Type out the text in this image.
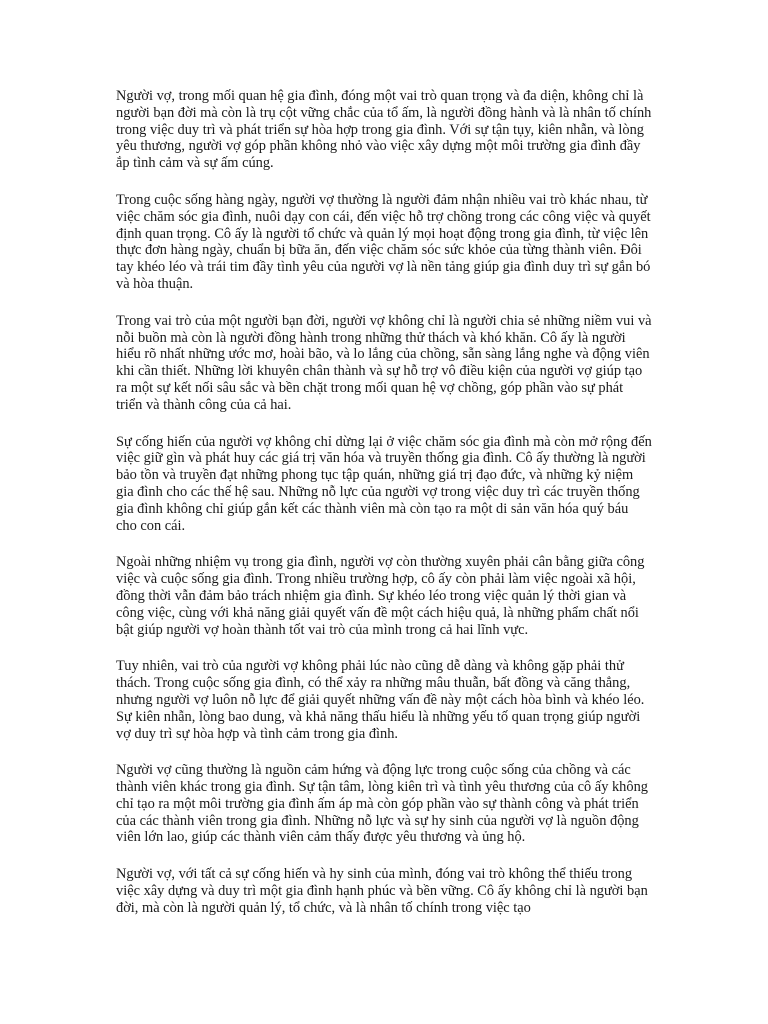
Người vợ, trong mối quan hệ gia đình, đóng một vai trò quan trọng và đa diện, không chỉ là người bạn đời mà còn là trụ cột vững chắc của tổ ấm, là người đồng hành và là nhân tố chính trong việc duy trì và phát triển sự hòa hợp trong gia đình. Với sự tận tụy, kiên nhẫn, và lòng yêu thương, người vợ góp phần không nhỏ vào việc xây dựng một môi trường gia đình đầy ắp tình cảm và sự ấm cúng.

Trong cuộc sống hàng ngày, người vợ thường là người đảm nhận nhiều vai trò khác nhau, từ việc chăm sóc gia đình, nuôi dạy con cái, đến việc hỗ trợ chồng trong các công việc và quyết định quan trọng. Cô ấy là người tổ chức và quản lý mọi hoạt động trong gia đình, từ việc lên thực đơn hàng ngày, chuẩn bị bữa ăn, đến việc chăm sóc sức khỏe của từng thành viên. Đôi tay khéo léo và trái tim đầy tình yêu của người vợ là nền tảng giúp gia đình duy trì sự gắn bó và hòa thuận.

Trong vai trò của một người bạn đời, người vợ không chỉ là người chia sẻ những niềm vui và nỗi buồn mà còn là người đồng hành trong những thử thách và khó khăn. Cô ấy là người hiểu rõ nhất những ước mơ, hoài bão, và lo lắng của chồng, sẵn sàng lắng nghe và động viên khi cần thiết. Những lời khuyên chân thành và sự hỗ trợ vô điều kiện của người vợ giúp tạo ra một sự kết nối sâu sắc và bền chặt trong mối quan hệ vợ chồng, góp phần vào sự phát triển và thành công của cả hai.

Sự cống hiến của người vợ không chỉ dừng lại ở việc chăm sóc gia đình mà còn mở rộng đến việc giữ gìn và phát huy các giá trị văn hóa và truyền thống gia đình. Cô ấy thường là người bảo tồn và truyền đạt những phong tục tập quán, những giá trị đạo đức, và những kỷ niệm gia đình cho các thế hệ sau. Những nỗ lực của người vợ trong việc duy trì các truyền thống gia đình không chỉ giúp gắn kết các thành viên mà còn tạo ra một di sản văn hóa quý báu cho con cái.

Ngoài những nhiệm vụ trong gia đình, người vợ còn thường xuyên phải cân bằng giữa công việc và cuộc sống gia đình. Trong nhiều trường hợp, cô ấy còn phải làm việc ngoài xã hội, đồng thời vẫn đảm bảo trách nhiệm gia đình. Sự khéo léo trong việc quản lý thời gian và công việc, cùng với khả năng giải quyết vấn đề một cách hiệu quả, là những phẩm chất nổi bật giúp người vợ hoàn thành tốt vai trò của mình trong cả hai lĩnh vực.

Tuy nhiên, vai trò của người vợ không phải lúc nào cũng dễ dàng và không gặp phải thử thách. Trong cuộc sống gia đình, có thể xảy ra những mâu thuẫn, bất đồng và căng thẳng, nhưng người vợ luôn nỗ lực để giải quyết những vấn đề này một cách hòa bình và khéo léo. Sự kiên nhẫn, lòng bao dung, và khả năng thấu hiểu là những yếu tố quan trọng giúp người vợ duy trì sự hòa hợp và tình cảm trong gia đình.

Người vợ cũng thường là nguồn cảm hứng và động lực trong cuộc sống của chồng và các thành viên khác trong gia đình. Sự tận tâm, lòng kiên trì và tình yêu thương của cô ấy không chỉ tạo ra một môi trường gia đình ấm áp mà còn góp phần vào sự thành công và phát triển của các thành viên trong gia đình. Những nỗ lực và sự hy sinh của người vợ là nguồn động viên lớn lao, giúp các thành viên cảm thấy được yêu thương và ủng hộ.

Người vợ, với tất cả sự cống hiến và hy sinh của mình, đóng vai trò không thể thiếu trong việc xây dựng và duy trì một gia đình hạnh phúc và bền vững. Cô ấy không chỉ là người bạn đời, mà còn là người quản lý, tổ chức, và là nhân tố chính trong việc tạo
